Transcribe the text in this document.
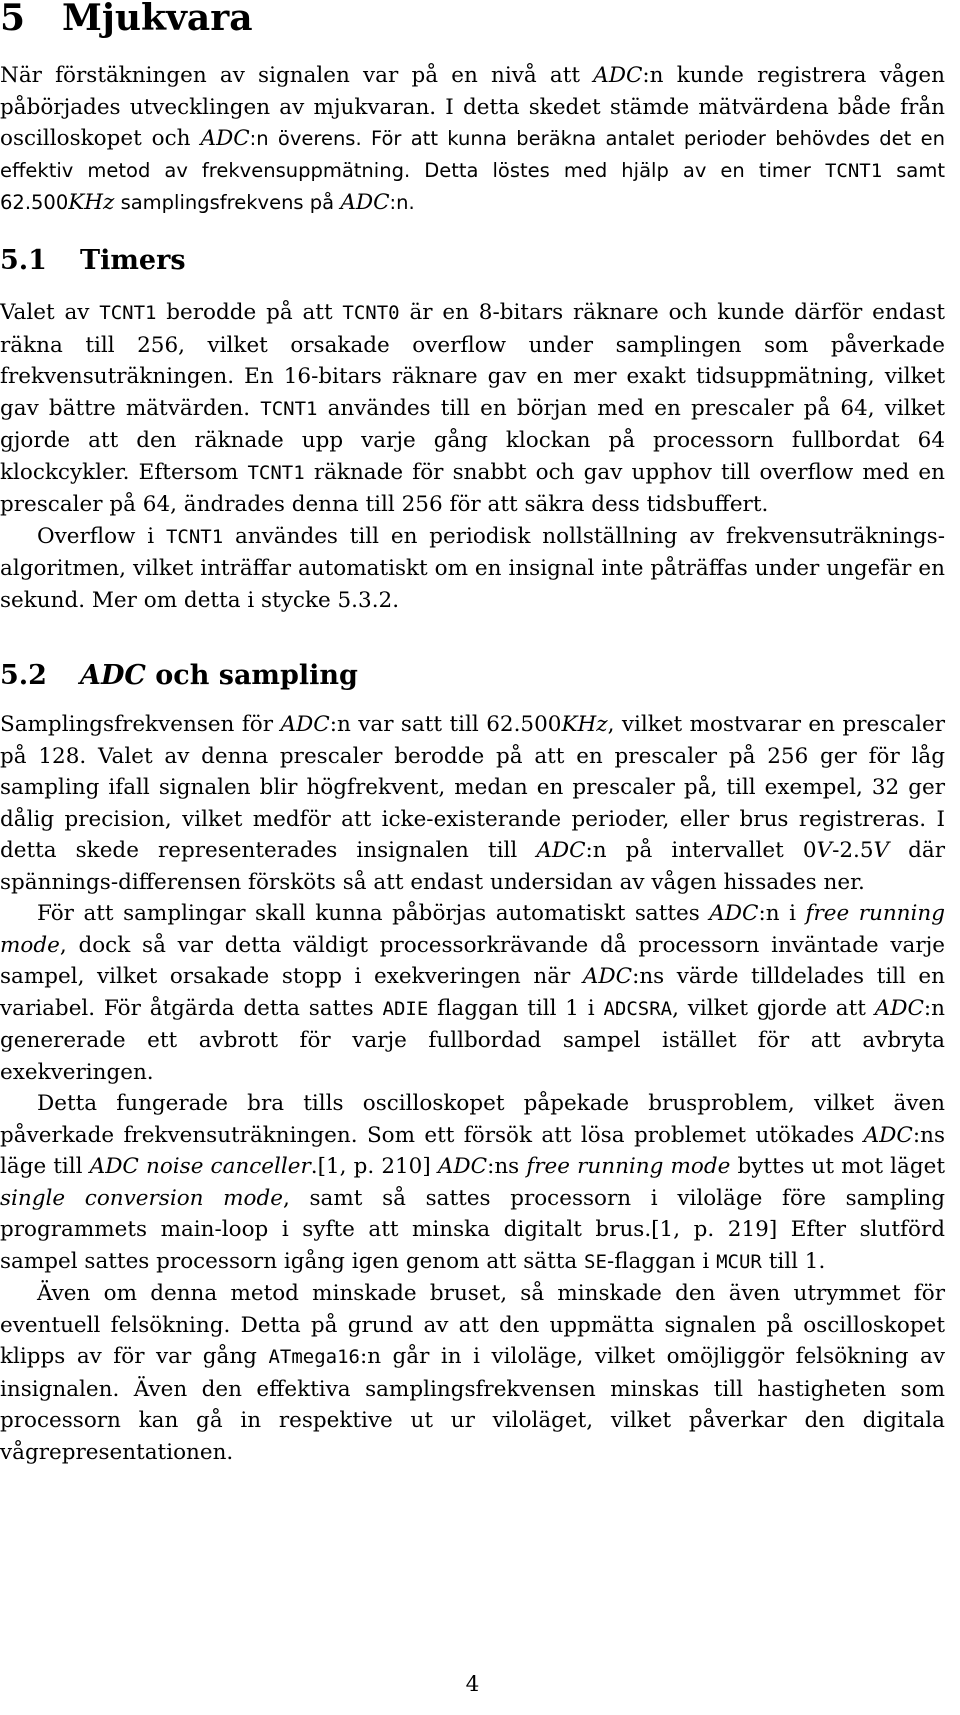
5 Mjukvara

När förstäkningen av signalen var på en nivå att ADC:n kunde registrera vågen påbörjades utvecklingen av mjukvaran. I detta skedet stämde mätvärdena både från oscilloskopet och ADC:n överens. För att kunna beräkna antalet perioder behövdes det en effektiv metod av frekvensuppmätning. Detta löstes med hjälp av en timer TCNT1 samt 62.500KHz samplingsfrekvens på ADC:n.

5.1 Timers

Valet av TCNT1 berodde på att TCNT0 är en 8-bitars räknare och kunde därför endast räkna till 256, vilket orsakade overflow under samplingen som påverkade frekvensuträkningen. En 16-bitars räknare gav en mer exakt tidsuppmätning, vilket gav bättre mätvärden. TCNT1 användes till en början med en prescaler på 64, vilket gjorde att den räknade upp varje gång klockan på processorn fullbordat 64 klockcykler. Eftersom TCNT1 räknade för snabbt och gav upphov till overflow med en prescaler på 64, ändrades denna till 256 för att säkra dess tidsbuffert.

Overflow i TCNT1 användes till en periodisk nollställning av frekvensuträkningsalgoritmen, vilket inträffar automatiskt om en insignal inte påträffas under ungefär en sekund. Mer om detta i stycke 5.3.2.

5.2 ADC och sampling

Samplingsfrekvensen för ADC:n var satt till 62.500KHz, vilket mostvarar en prescaler på 128. Valet av denna prescaler berodde på att en prescaler på 256 ger för låg sampling ifall signalen blir högfrekvent, medan en prescaler på, till exempel, 32 ger dålig precision, vilket medför att icke-existerande perioder, eller brus registreras. I detta skede representerades insignalen till ADC:n på intervallet 0V-2.5V där spännings-differensen försköts så att endast undersidan av vågen hissades ner.

För att samplingar skall kunna påbörjas automatiskt sattes ADC:n i free running mode, dock så var detta väldigt processorkrävande då processorn inväntade varje sampel, vilket orsakade stopp i exekveringen när ADC:ns värde tilldelades till en variabel. För åtgärda detta sattes ADIE flaggan till 1 i ADCSRA, vilket gjorde att ADC:n genererade ett avbrott för varje fullbordad sampel istället för att avbryta exekveringen.

Detta fungerade bra tills oscilloskopet påpekade brusproblem, vilket även påverkade frekvensuträkningen. Som ett försök att lösa problemet utökades ADC:ns läge till ADC noise canceller.[1, p. 210] ADC:ns free running mode byttes ut mot läget single conversion mode, samt så sattes processorn i viloläge före sampling programmets main-loop i syfte att minska digitalt brus.[1, p. 219] Efter slutförd sampel sattes processorn igång igen genom att sätta SE-flaggan i MCUR till 1.

Även om denna metod minskade bruset, så minskade den även utrymmet för eventuell felsökning. Detta på grund av att den uppmätta signalen på oscilloskopet klipps av för var gång ATmega16:n går in i viloläge, vilket omöjliggör felsökning av insignalen. Även den effektiva samplingsfrekvensen minskas till hastigheten som processorn kan gå in respektive ut ur viloläget, vilket påverkar den digitala vågrepresentationen.

4
